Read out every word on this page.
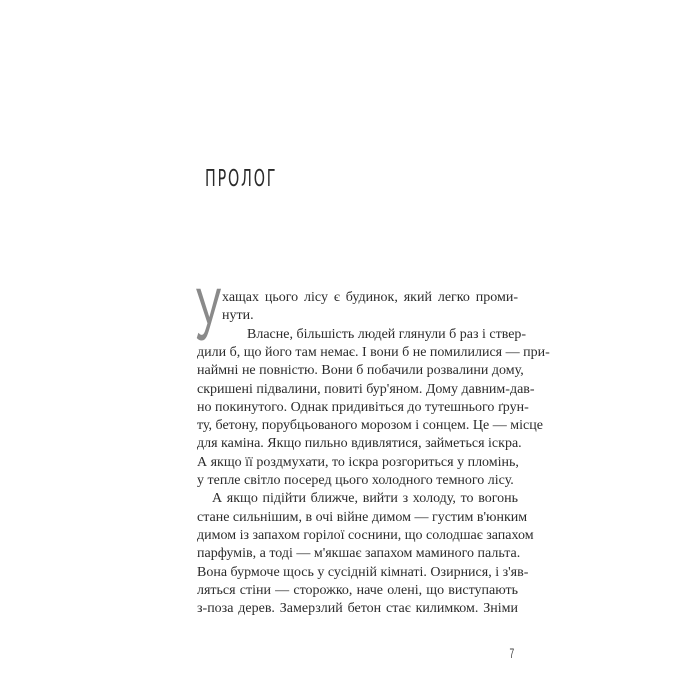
ПРОЛОГ
У хащах цього лісу є будинок, який легко проми-
нути.
Власне, більшість людей глянули б раз і ствер-
дили б, що його там немає. І вони б не помилилися — при-
наймні не повністю. Вони б побачили розвалини дому,
скришені підвалини, повиті бур'яном. Дому давним-дав-
но покинутого. Однак придивіться до тутешнього ґрун-
ту, бетону, порубцьованого морозом і сонцем. Це — місце
для каміна. Якщо пильно вдивлятися, займеться іскра.
А якщо її роздмухати, то іскра розгориться у пломінь,
у тепле світло посеред цього холодного темного лісу.
А якщо підійти ближче, вийти з холоду, то вогонь
стане сильнішим, в очі війне димом — густим в'юнким
димом із запахом горілої соснини, що солодшає запахом
парфумів, а тоді — м'якшає запахом маминого пальта.
Вона бурмоче щось у сусідній кімнаті. Озирнися, і з'яв-
ляться стіни — сторожко, наче олені, що виступають
з-поза дерев. Замерзлий бетон стає килимком. Зніми
7
